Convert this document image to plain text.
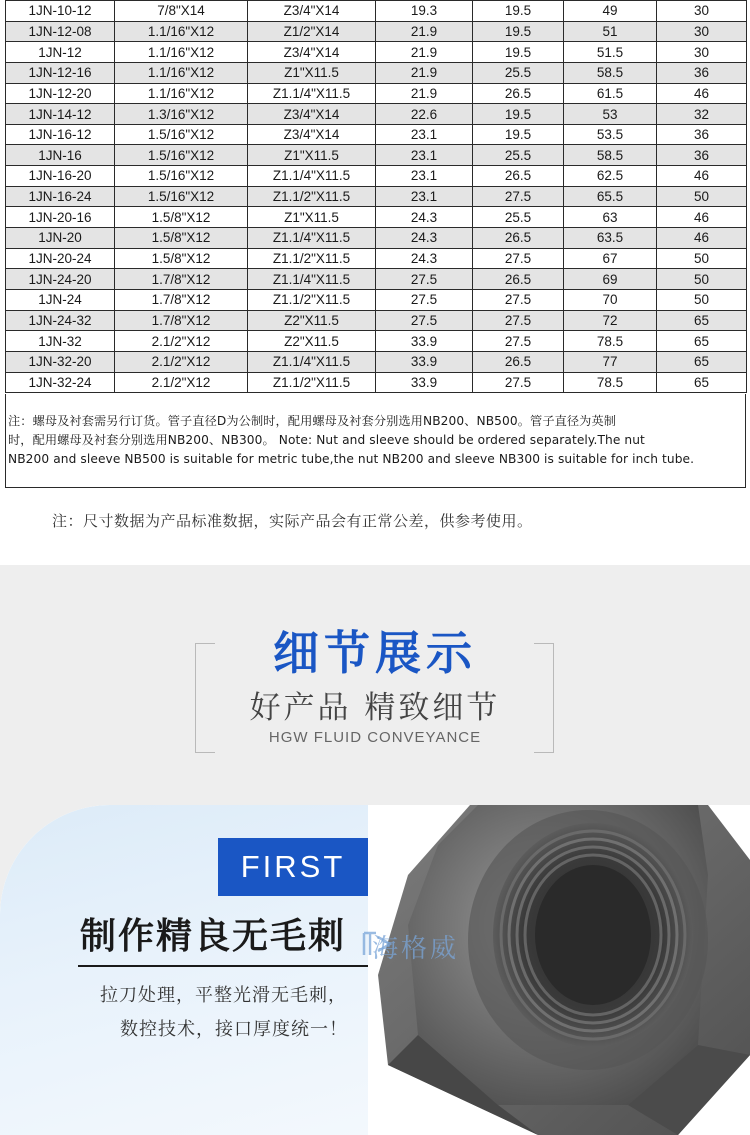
1JN-10-12	7/8"X14	Z3/4"X14	19.3	19.5	49	30
1JN-12-08	1.1/16"X12	Z1/2"X14	21.9	19.5	51	30
1JN-12	1.1/16"X12	Z3/4"X14	21.9	19.5	51.5	30
1JN-12-16	1.1/16"X12	Z1"X11.5	21.9	25.5	58.5	36
1JN-12-20	1.1/16"X12	Z1.1/4"X11.5	21.9	26.5	61.5	46
1JN-14-12	1.3/16"X12	Z3/4"X14	22.6	19.5	53	32
1JN-16-12	1.5/16"X12	Z3/4"X14	23.1	19.5	53.5	36
1JN-16	1.5/16"X12	Z1"X11.5	23.1	25.5	58.5	36
1JN-16-20	1.5/16"X12	Z1.1/4"X11.5	23.1	26.5	62.5	46
1JN-16-24	1.5/16"X12	Z1.1/2"X11.5	23.1	27.5	65.5	50
1JN-20-16	1.5/8"X12	Z1"X11.5	24.3	25.5	63	46
1JN-20	1.5/8"X12	Z1.1/4"X11.5	24.3	26.5	63.5	46
1JN-20-24	1.5/8"X12	Z1.1/2"X11.5	24.3	27.5	67	50
1JN-24-20	1.7/8"X12	Z1.1/4"X11.5	27.5	26.5	69	50
1JN-24	1.7/8"X12	Z1.1/2"X11.5	27.5	27.5	70	50
1JN-24-32	1.7/8"X12	Z2"X11.5	27.5	27.5	72	65
1JN-32	2.1/2"X12	Z2"X11.5	33.9	27.5	78.5	65
1JN-32-20	2.1/2"X12	Z1.1/4"X11.5	33.9	26.5	77	65
1JN-32-24	2.1/2"X12	Z1.1/2"X11.5	33.9	27.5	78.5	65

注：螺母及衬套需另行订货。管子直径D为公制时，配用螺母及衬套分别选用NB200、NB500。管子直径为英制

时，配用螺母及衬套分别选用NB200、NB300。 Note: Nut and sleeve should be ordered separately.The nut

NB200 and sleeve NB500 is suitable for metric tube,the nut NB200 and sleeve NB300 is suitable for inch tube.

注：尺寸数据为产品标准数据，实际产品会有正常公差，供参考使用。
细节展示
好产品 精致细节
HGW FLUID CONVEYANCE
海格威
FIRST
制作精良无毛刺
拉刀处理，平整光滑无毛刺，
数控技术，接口厚度统一！
